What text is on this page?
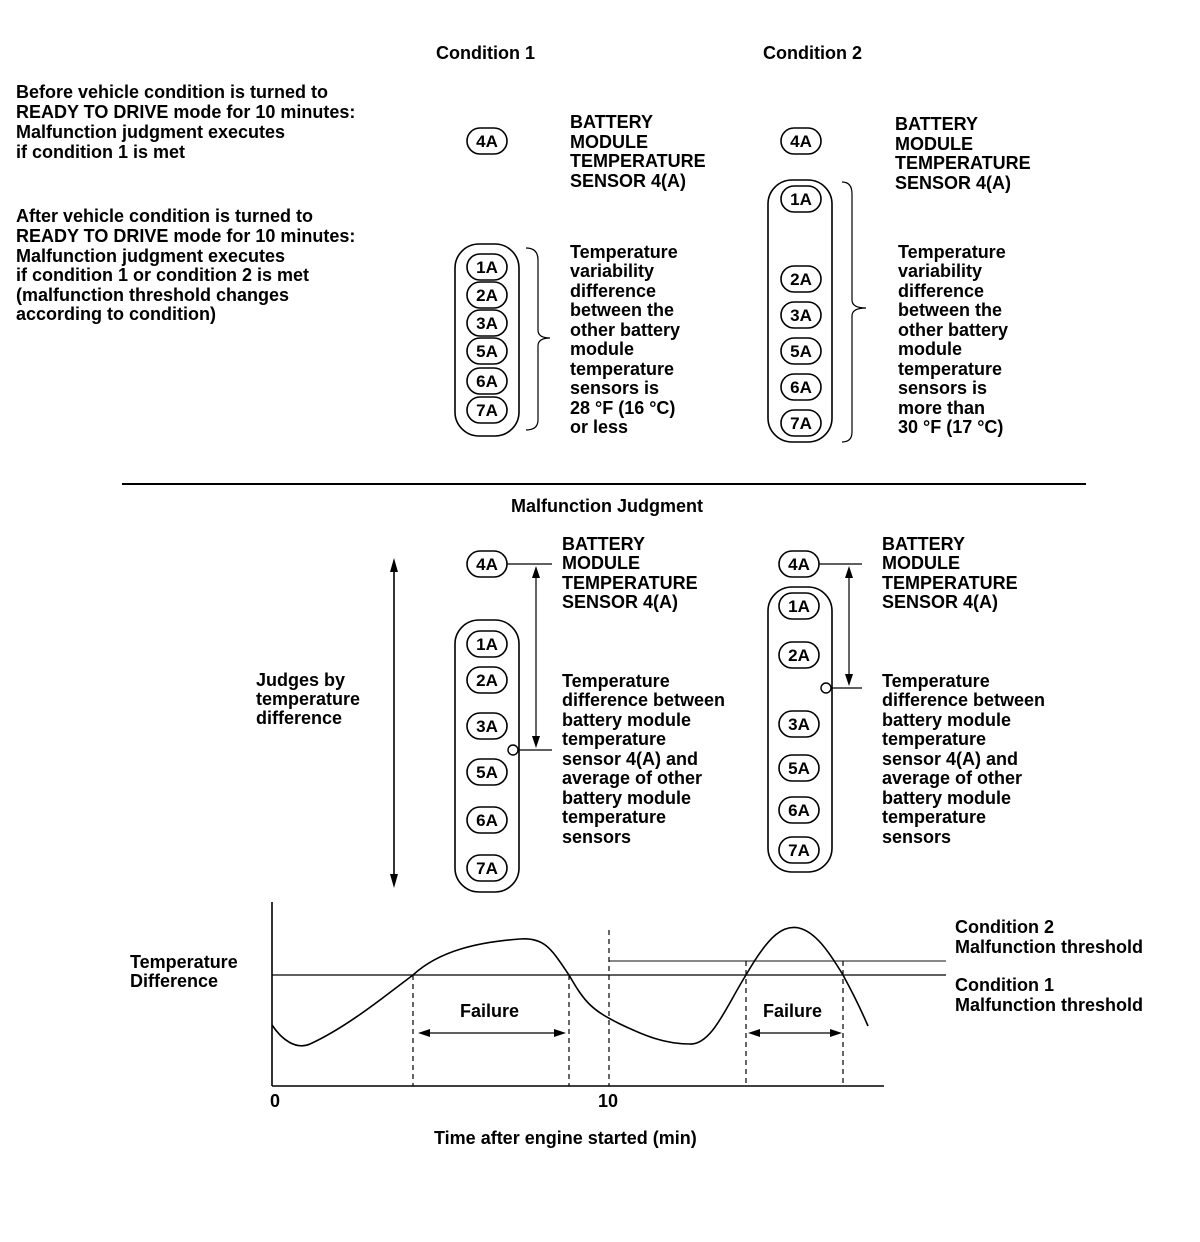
Condition 1	Condition 2
Before vehicle condition is turned to
READY TO DRIVE mode for 10 minutes:
Malfunction judgment executes
if condition 1 is met
After vehicle condition is turned to
READY TO DRIVE mode for 10 minutes:
Malfunction judgment executes
if condition 1 or condition 2 is met
(malfunction threshold changes
according to condition)
4A
1A
2A
3A
5A
6A
7A
BATTERY
MODULE
TEMPERATURE
SENSOR 4(A)
Temperature
variability
difference
between the
other battery
module
temperature
sensors is
28 °F (16 °C)
or less
4A
1A
2A
3A
5A
6A
7A
BATTERY
MODULE
TEMPERATURE
SENSOR 4(A)
Temperature
variability
difference
between the
other battery
module
temperature
sensors is
more than
30 °F (17 °C)
Malfunction Judgment
Judges by
temperature
difference
4A
1A
2A
3A
5A
6A
7A
BATTERY
MODULE
TEMPERATURE
SENSOR 4(A)
Temperature
difference between
battery module
temperature
sensor 4(A) and
average of other
battery module
temperature
sensors
4A
1A
2A
3A
5A
6A
7A
BATTERY
MODULE
TEMPERATURE
SENSOR 4(A)
Temperature
difference between
battery module
temperature
sensor 4(A) and
average of other
battery module
temperature
sensors
Temperature
Difference
Failure	Failure
Condition 2
Malfunction threshold
Condition 1
Malfunction threshold
0	10
Time after engine started (min)
